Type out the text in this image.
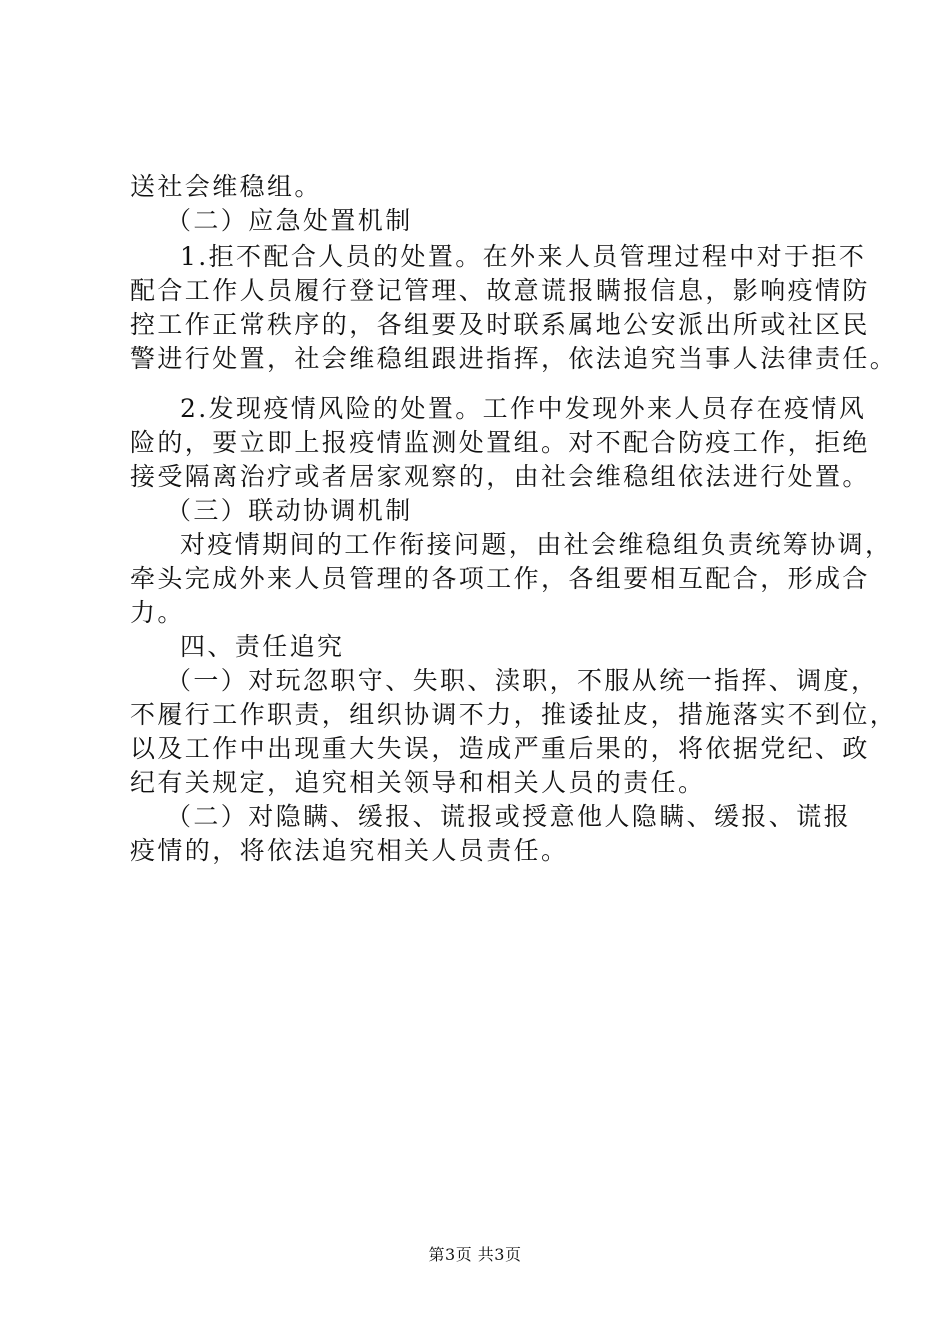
送社会维稳组。

（二）应急处置机制

1.拒不配合人员的处置。在外来人员管理过程中对于拒不

配合工作人员履行登记管理、故意谎报瞒报信息，影响疫情防

控工作正常秩序的，各组要及时联系属地公安派出所或社区民

警进行处置，社会维稳组跟进指挥，依法追究当事人法律责任。

2.发现疫情风险的处置。工作中发现外来人员存在疫情风

险的，要立即上报疫情监测处置组。对不配合防疫工作，拒绝

接受隔离治疗或者居家观察的，由社会维稳组依法进行处置。

（三）联动协调机制

对疫情期间的工作衔接问题，由社会维稳组负责统筹协调，

牵头完成外来人员管理的各项工作，各组要相互配合，形成合

力。

四、责任追究

（一）对玩忽职守、失职、渎职，不服从统一指挥、调度，

不履行工作职责，组织协调不力，推诿扯皮，措施落实不到位，

以及工作中出现重大失误，造成严重后果的，将依据党纪、政

纪有关规定，追究相关领导和相关人员的责任。

（二）对隐瞒、缓报、谎报或授意他人隐瞒、缓报、谎报

疫情的，将依法追究相关人员责任。

第3页 共3页
